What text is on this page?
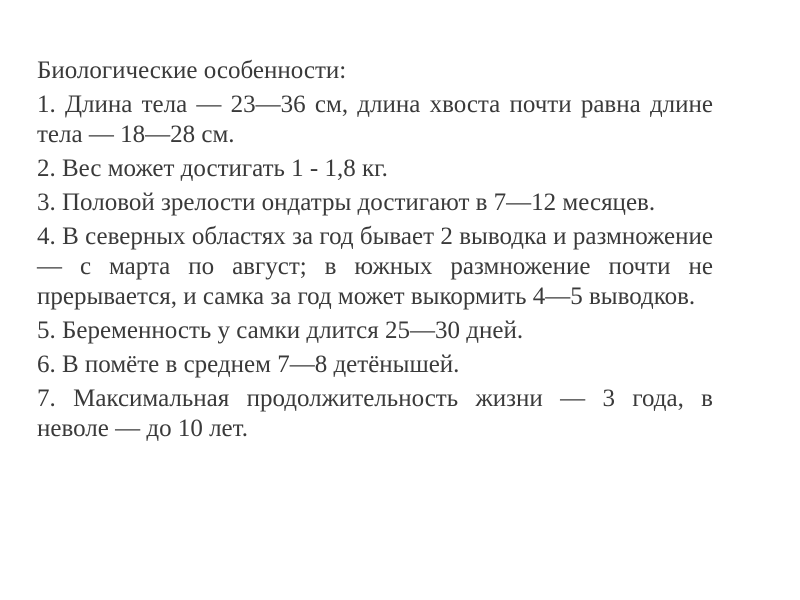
Биологические особенности:

1. Длина тела — 23—36 см, длина хвоста почти равна длине тела — 18—28 см.

2. Вес может достигать 1 - 1,8 кг.

3. Половой зрелости ондатры достигают в 7—12 месяцев.

4. В северных областях за год бывает 2 выводка и размножение — с марта по август; в южных размножение почти не прерывается, и самка за год может выкормить 4—5 выводков.

5. Беременность у самки длится 25—30 дней.

6. В помёте в среднем 7—8 детёнышей.

7. Максимальная продолжительность жизни — 3 года, в неволе — до 10 лет.
